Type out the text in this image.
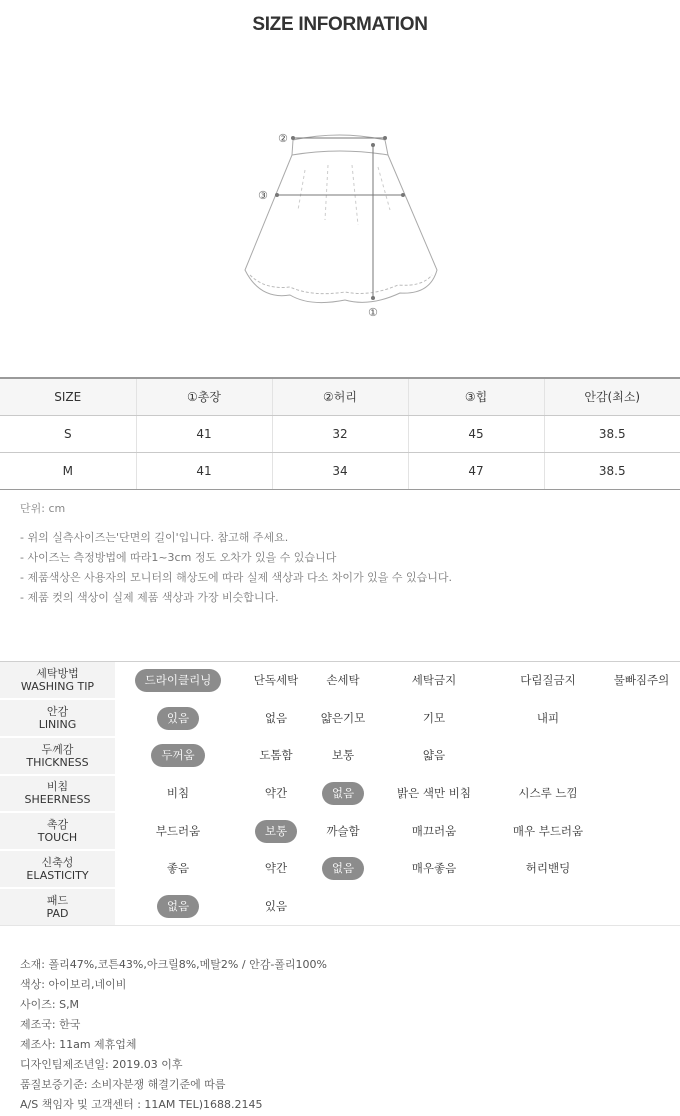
SIZE INFORMATION
②
③
①
SIZE	①총장	②허리	③힙	안감(최소)
S	41	32	45	38.5
M	41	34	47	38.5
단위: cm
- 위의 실측사이즈는'단면의 길이'입니다. 참고해 주세요.
- 사이즈는 측정방법에 따라1~3cm 정도 오차가 있을 수 있습니다
- 제품색상은 사용자의 모니터의 해상도에 따라 실제 색상과 다소 차이가 있을 수 있습니다.
- 제품 컷의 색상이 실제 제품 색상과 가장 비슷합니다.
세탁방법
WASHING TIP	드라이클리닝	단독세탁	손세탁	세탁금지	다림질금지	물빠짐주의

안감
LINING	있음	없음	얇은기모	기모	내피	

두께감
THICKNESS	두꺼움	도톰함	보통	얇음		

비침
SHEERNESS	비침	약간	없음	밝은 색만 비침	시스루 느낌	

촉감
TOUCH	부드러움	보통	까슬함	매끄러움	매우 부드러움	

신축성
ELASTICITY	좋음	약간	없음	매우좋음	허리밴딩	

패드
PAD	없음	있음				
소재: 폴리47%,코튼43%,아크릴8%,메탈2% / 안감-폴리100%
색상: 아이보리,네이비
사이즈: S,M
제조국: 한국
제조사: 11am 제휴업체
디자인팀제조년일: 2019.03 이후
품질보증기준: 소비자분쟁 해결기준에 따름
A/S 책임자 및 고객센터 : 11AM TEL)1688.2145
